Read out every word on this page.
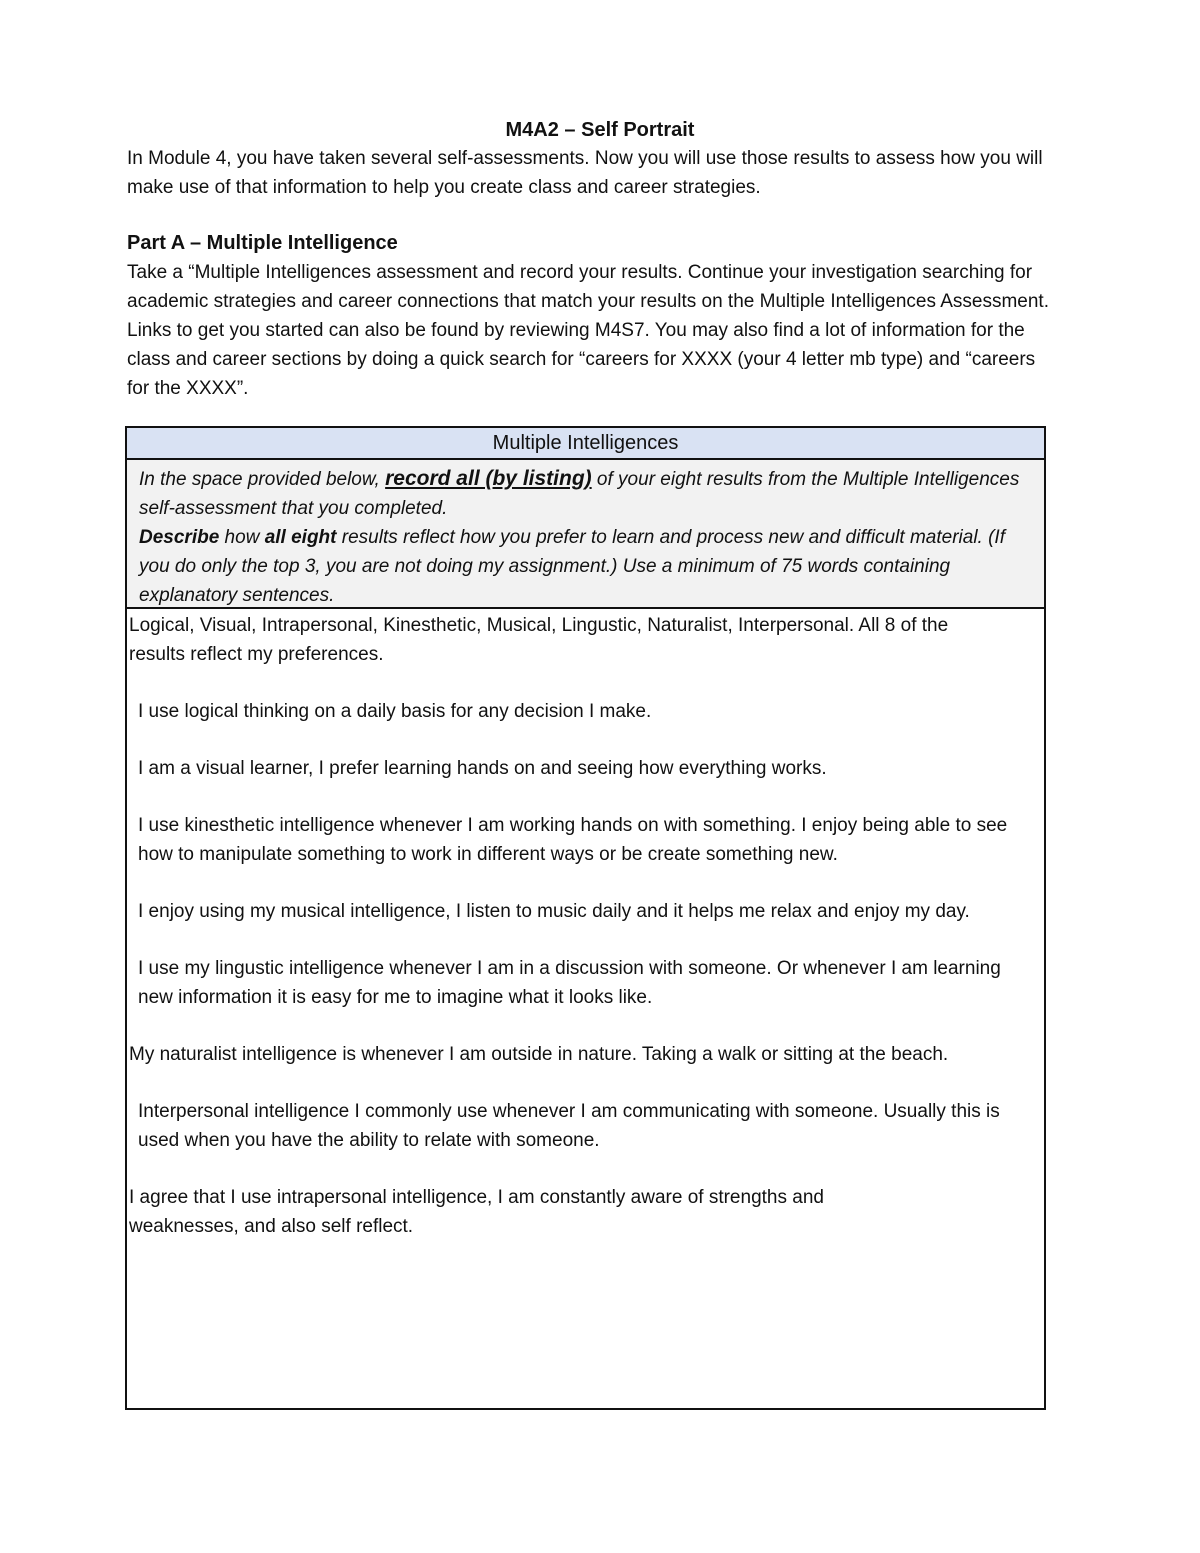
M4A2 – Self Portrait
In Module 4, you have taken several self-assessments. Now you will use those results to assess how you will make use of that information to help you create class and career strategies.
Part A – Multiple Intelligence
Take a “Multiple Intelligences assessment and record your results. Continue your investigation searching for academic strategies and career connections that match your results on the Multiple Intelligences Assessment. Links to get you started can also be found by reviewing M4S7. You may also find a lot of information for the class and career sections by doing a quick search for “careers for XXXX (your 4 letter mb type) and “careers for the XXXX”.
Multiple Intelligences
In the space provided below, record all (by listing) of your eight results from the Multiple Intelligences self-assessment that you completed.
Describe how all eight results reflect how you prefer to learn and process new and difficult material. (If you do only the top 3, you are not doing my assignment.) Use a minimum of 75 words containing explanatory sentences.
Logical, Visual, Intrapersonal, Kinesthetic, Musical, Lingustic, Naturalist, Interpersonal. All 8 of the results reflect my preferences.
I use logical thinking on a daily basis for any decision I make.
I am a visual learner, I prefer learning hands on and seeing how everything works.
I use kinesthetic intelligence whenever I am working hands on with something. I enjoy being able to see how to manipulate something to work in different ways or be create something new.
I enjoy using my musical intelligence, I listen to music daily and it helps me relax and enjoy my day.
I use my lingustic intelligence whenever I am in a discussion with someone. Or whenever I am learning new information it is easy for me to imagine what it looks like.
My naturalist intelligence is whenever I am outside in nature. Taking a walk or sitting at the beach.
Interpersonal intelligence I commonly use whenever I am communicating with someone. Usually this is used when you have the ability to relate with someone.
I agree that I use intrapersonal intelligence, I am constantly aware of strengths and weaknesses, and also self reflect.
